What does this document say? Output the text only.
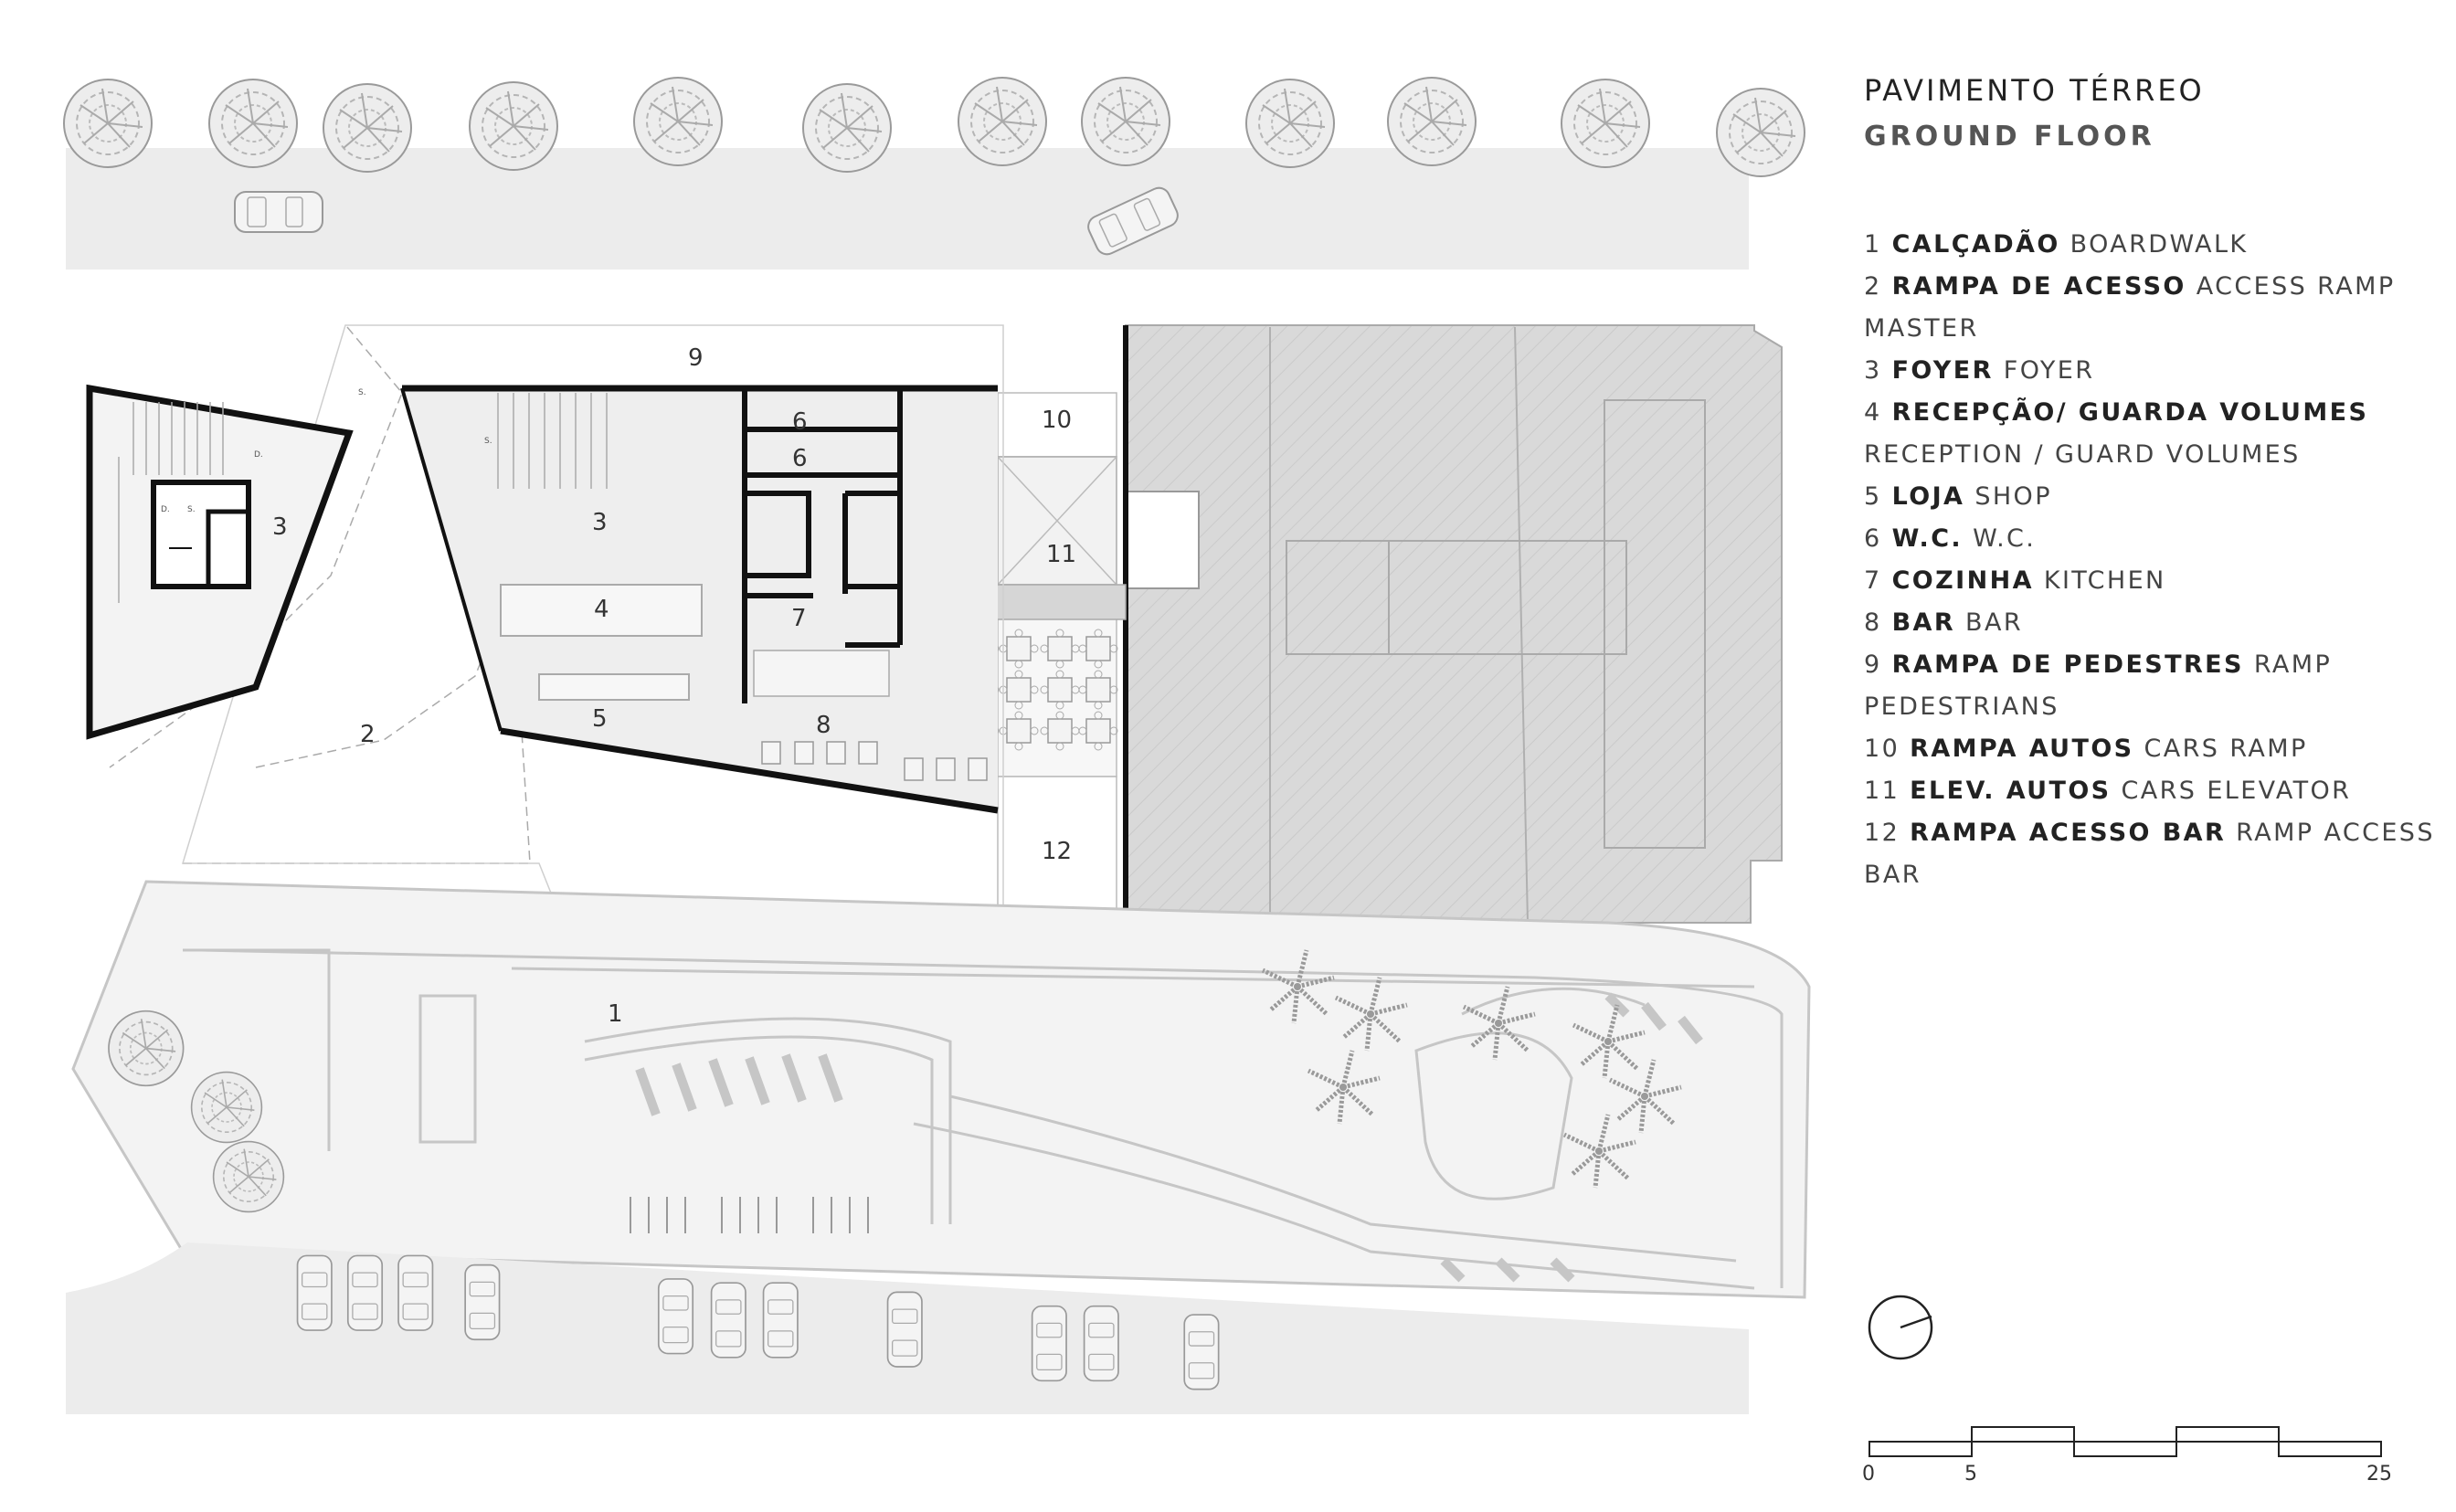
S.
D.
D. S.
S.
1
2
3	3
4
5
6
6
7
8
9
10
11
12
PAVIMENTO TÉRREO
GROUND FLOOR
1 CALÇADÃO BOARDWALK
2 RAMPA DE ACESSO ACCESS RAMP MASTER
3 FOYER FOYER
4 RECEPÇÃO/ GUARDA VOLUMES RECEPTION / GUARD VOLUMES
5 LOJA SHOP
6 W.C. W.C.
7 COZINHA KITCHEN
8 BAR BAR
9 RAMPA DE PEDESTRES RAMP PEDESTRIANS
10 RAMPA AUTOS CARS RAMP
11 ELEV. AUTOS CARS ELEVATOR
12 RAMPA ACESSO BAR RAMP ACCESS BAR
0	5	25
